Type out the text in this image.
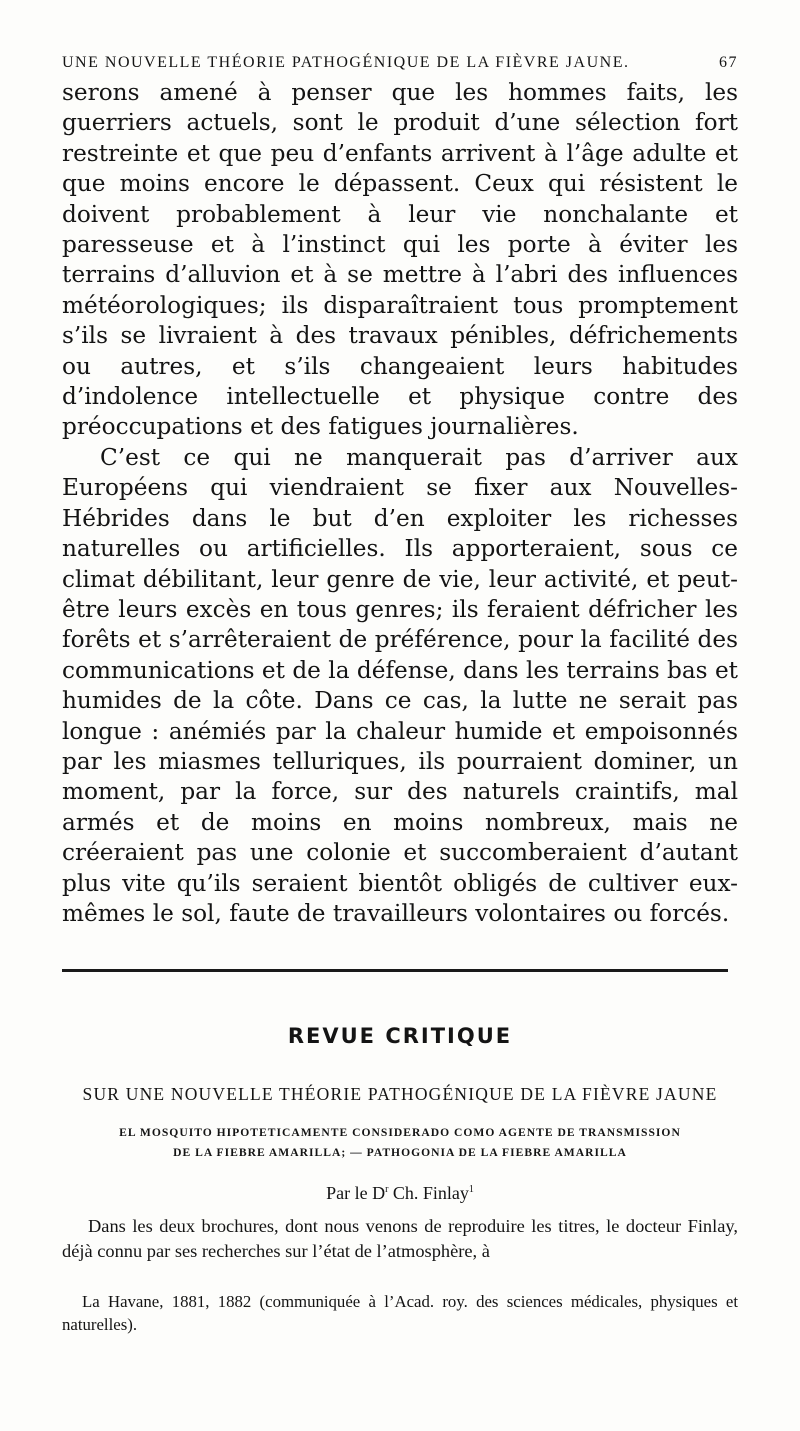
UNE NOUVELLE THÉORIE PATHOGÉNIQUE DE LA FIÈVRE JAUNE.	67

serons amené à penser que les hommes faits, les guerriers actuels, sont le produit d’une sélection fort restreinte et que peu d’enfants arrivent à l’âge adulte et que moins encore le dépassent. Ceux qui résistent le doivent probablement à leur vie nonchalante et paresseuse et à l’instinct qui les porte à éviter les terrains d’alluvion et à se mettre à l’abri des influences météorologiques; ils disparaîtraient tous promptement s’ils se livraient à des travaux pénibles, défrichements ou autres, et s’ils changeaient leurs habitudes d’indolence intellectuelle et physique contre des préoccupations et des fatigues journalières.

C’est ce qui ne manquerait pas d’arriver aux Européens qui viendraient se fixer aux Nouvelles-Hébrides dans le but d’en exploiter les richesses naturelles ou artificielles. Ils apporteraient, sous ce climat débilitant, leur genre de vie, leur activité, et peut-être leurs excès en tous genres; ils feraient défricher les forêts et s’arrêteraient de préférence, pour la facilité des communications et de la défense, dans les terrains bas et humides de la côte. Dans ce cas, la lutte ne serait pas longue : anémiés par la chaleur humide et empoisonnés par les miasmes telluriques, ils pourraient dominer, un moment, par la force, sur des naturels craintifs, mal armés et de moins en moins nombreux, mais ne créeraient pas une colonie et succomberaient d’autant plus vite qu’ils seraient bientôt obligés de cultiver eux-mêmes le sol, faute de travailleurs volontaires ou forcés.

REVUE CRITIQUE
SUR UNE NOUVELLE THÉORIE PATHOGÉNIQUE DE LA FIÈVRE JAUNE
EL MOSQUITO HIPOTETICAMENTE CONSIDERADO COMO AGENTE DE TRANSMISSION
DE LA FIEBRE AMARILLA; — PATHOGONIA DE LA FIEBRE AMARILLA
Par le $D^r$ Ch. Finlay$^1$

Dans les deux brochures, dont nous venons de reproduire les titres, le docteur Finlay, déjà connu par ses recherches sur l’état de l’atmosphère, à

La Havane, 1881, 1882 (communiquée à l’Acad. roy. des sciences médicales, physiques et naturelles).
